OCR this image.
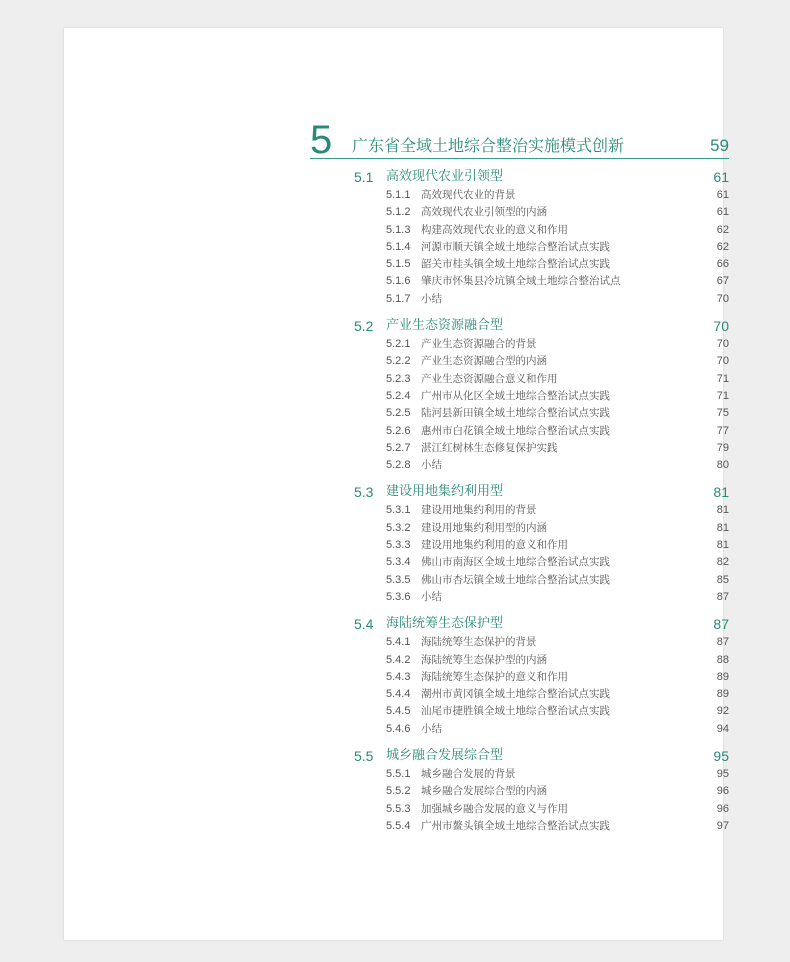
5 广东省全域土地综合整治实施模式创新	59
5.1 高效现代农业引领型	61
5.1.1 高效现代农业的背景	61
5.1.2 高效现代农业引领型的内涵	61
5.1.3 构建高效现代农业的意义和作用	62
5.1.4 河源市顺天镇全域土地综合整治试点实践	62
5.1.5 韶关市桂头镇全域土地综合整治试点实践	66
5.1.6 肇庆市怀集县冷坑镇全域土地综合整治试点	67
5.1.7 小结	70
5.2 产业生态资源融合型	70
5.2.1 产业生态资源融合的背景	70
5.2.2 产业生态资源融合型的内涵	70
5.2.3 产业生态资源融合意义和作用	71
5.2.4 广州市从化区全域土地综合整治试点实践	71
5.2.5 陆河县新田镇全域土地综合整治试点实践	75
5.2.6 惠州市白花镇全域土地综合整治试点实践	77
5.2.7 湛江红树林生态修复保护实践	79
5.2.8 小结	80
5.3 建设用地集约利用型	81
5.3.1 建设用地集约利用的背景	81
5.3.2 建设用地集约利用型的内涵	81
5.3.3 建设用地集约利用的意义和作用	81
5.3.4 佛山市南海区全域土地综合整治试点实践	82
5.3.5 佛山市杏坛镇全域土地综合整治试点实践	85
5.3.6 小结	87
5.4 海陆统筹生态保护型	87
5.4.1 海陆统筹生态保护的背景	87
5.4.2 海陆统筹生态保护型的内涵	88
5.4.3 海陆统筹生态保护的意义和作用	89
5.4.4 潮州市黄冈镇全域土地综合整治试点实践	89
5.4.5 汕尾市捷胜镇全域土地综合整治试点实践	92
5.4.6 小结	94
5.5 城乡融合发展综合型	95
5.5.1 城乡融合发展的背景	95
5.5.2 城乡融合发展综合型的内涵	96
5.5.3 加强城乡融合发展的意义与作用	96
5.5.4 广州市鳌头镇全域土地综合整治试点实践	97
